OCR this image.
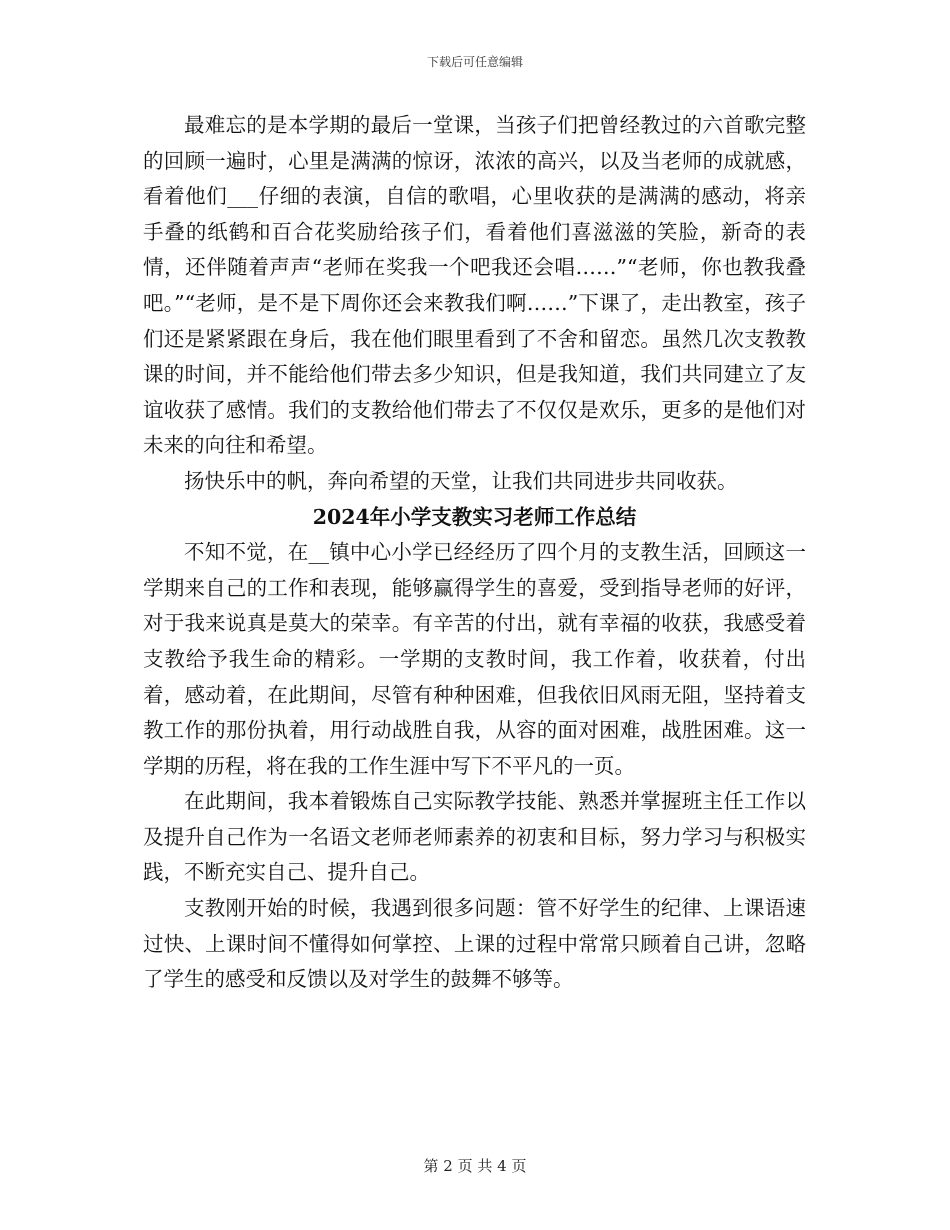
下载后可任意编辑

最难忘的是本学期的最后一堂课，当孩子们把曾经教过的六首歌完整的回顾一遍时，心里是满满的惊讶，浓浓的高兴，以及当老师的成就感，看着他们___仔细的表演，自信的歌唱，心里收获的是满满的感动，将亲手叠的纸鹤和百合花奖励给孩子们，看着他们喜滋滋的笑脸，新奇的表情，还伴随着声声“老师在奖我一个吧我还会唱……”“老师，你也教我叠吧。”“老师，是不是下周你还会来教我们啊……”下课了，走出教室，孩子们还是紧紧跟在身后，我在他们眼里看到了不舍和留恋。虽然几次支教教课的时间，并不能给他们带去多少知识，但是我知道，我们共同建立了友谊收获了感情。我们的支教给他们带去了不仅仅是欢乐，更多的是他们对未来的向往和希望。

扬快乐中的帆，奔向希望的天堂，让我们共同进步共同收获。

2024年小学支教实习老师工作总结

不知不觉，在__镇中心小学已经经历了四个月的支教生活，回顾这一学期来自己的工作和表现，能够赢得学生的喜爱，受到指导老师的好评，对于我来说真是莫大的荣幸。有辛苦的付出，就有幸福的收获，我感受着支教给予我生命的精彩。一学期的支教时间，我工作着，收获着，付出着，感动着，在此期间，尽管有种种困难，但我依旧风雨无阻，坚持着支教工作的那份执着，用行动战胜自我，从容的面对困难，战胜困难。这一学期的历程，将在我的工作生涯中写下不平凡的一页。

在此期间，我本着锻炼自己实际教学技能、熟悉并掌握班主任工作以及提升自己作为一名语文老师老师素养的初衷和目标，努力学习与积极实践，不断充实自己、提升自己。

支教刚开始的时候，我遇到很多问题：管不好学生的纪律、上课语速过快、上课时间不懂得如何掌控、上课的过程中常常只顾着自己讲，忽略了学生的感受和反馈以及对学生的鼓舞不够等。

第 2 页 共 4 页
